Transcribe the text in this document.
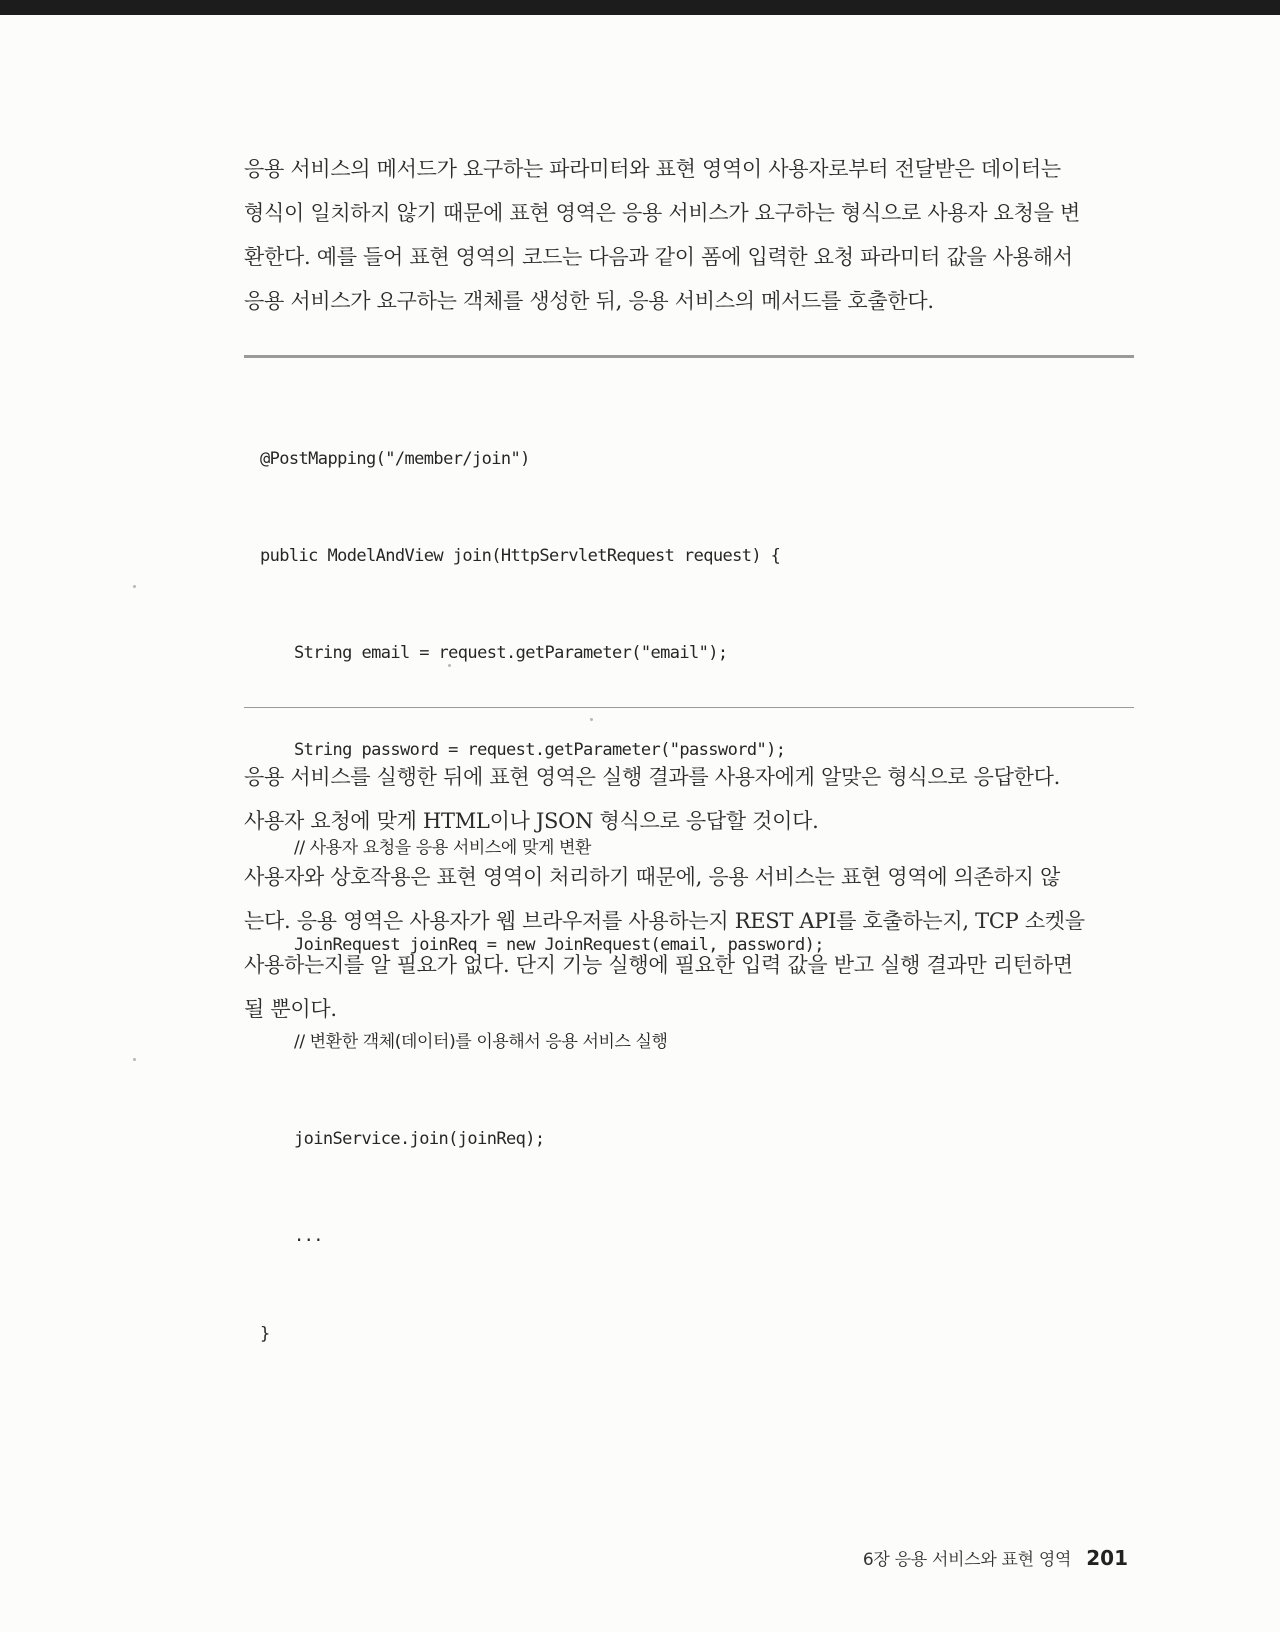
응용 서비스의 메서드가 요구하는 파라미터와 표현 영역이 사용자로부터 전달받은 데이터는
형식이 일치하지 않기 때문에 표현 영역은 응용 서비스가 요구하는 형식으로 사용자 요청을 변
환한다. 예를 들어 표현 영역의 코드는 다음과 같이 폼에 입력한 요청 파라미터 값을 사용해서
응용 서비스가 요구하는 객체를 생성한 뒤, 응용 서비스의 메서드를 호출한다.

@PostMapping("/member/join")

public ModelAndView join(HttpServletRequest request) {

String email = request.getParameter("email");

String password = request.getParameter("password");

// 사용자 요청을 응용 서비스에 맞게 변환

JoinRequest joinReq = new JoinRequest(email, password);

// 변환한 객체(데이터)를 이용해서 응용 서비스 실행

joinService.join(joinReq);

...

}

응용 서비스를 실행한 뒤에 표현 영역은 실행 결과를 사용자에게 알맞은 형식으로 응답한다.
사용자 요청에 맞게 HTML이나 JSON 형식으로 응답할 것이다.

사용자와 상호작용은 표현 영역이 처리하기 때문에, 응용 서비스는 표현 영역에 의존하지 않
는다. 응용 영역은 사용자가 웹 브라우저를 사용하는지 REST API를 호출하는지, TCP 소켓을
사용하는지를 알 필요가 없다. 단지 기능 실행에 필요한 입력 값을 받고 실행 결과만 리턴하면
될 뿐이다.

6장 응용 서비스와 표현 영역 201
